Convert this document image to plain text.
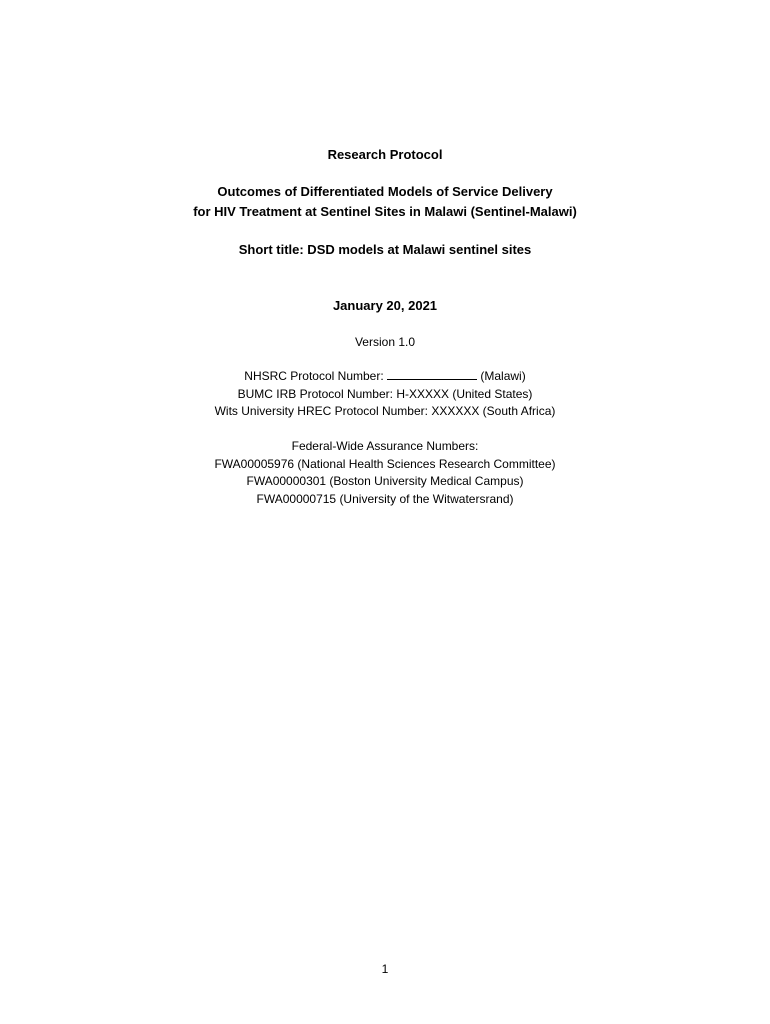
Research Protocol
Outcomes of Differentiated Models of Service Delivery
for HIV Treatment at Sentinel Sites in Malawi (Sentinel-Malawi)
Short title: DSD models at Malawi sentinel sites
January 20, 2021
Version 1.0
NHSRC Protocol Number:	(Malawi)
BUMC IRB Protocol Number: H-XXXXX (United States)
Wits University HREC Protocol Number: XXXXXX (South Africa)
Federal-Wide Assurance Numbers:
FWA00005976 (National Health Sciences Research Committee)
FWA00000301 (Boston University Medical Campus)
FWA00000715 (University of the Witwatersrand)
1
